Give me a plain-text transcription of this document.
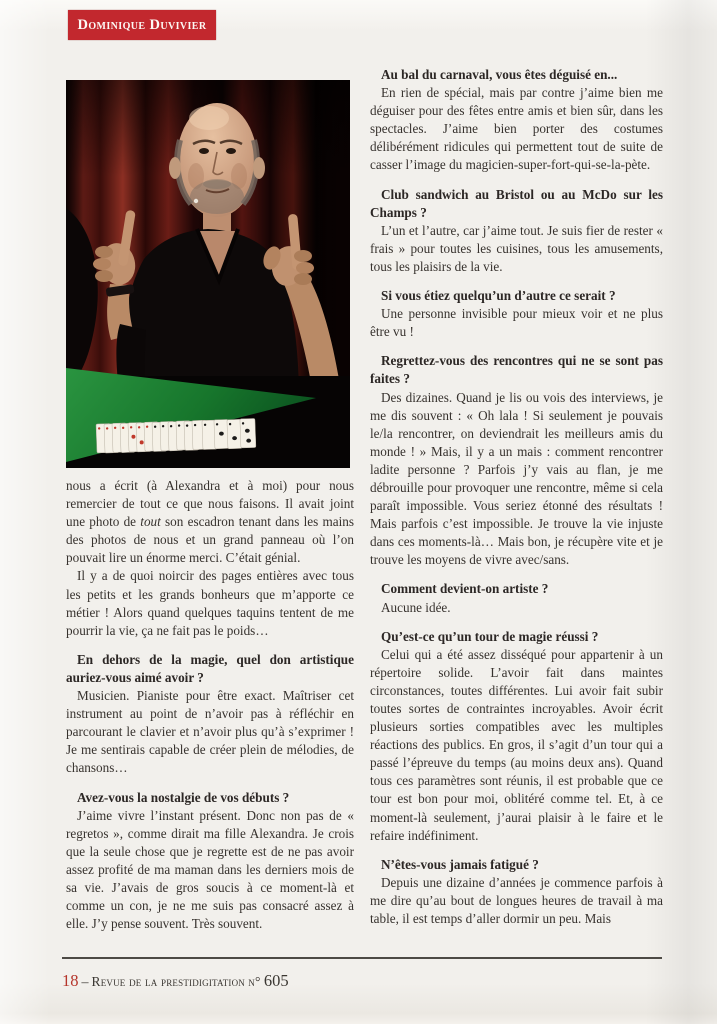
Dominique Duvivier

nous a écrit (à Alexandra et à moi) pour nous remercier de tout ce que nous faisons. Il avait joint une photo de tout son escadron tenant dans les mains des photos de nous et un grand panneau où l’on pouvait lire un énorme merci. C’était génial.

Il y a de quoi noircir des pages entières avec tous les petits et les grands bonheurs que m’apporte ce métier ! Alors quand quelques taquins tentent de me pourrir la vie, ça ne fait pas le poids…

En dehors de la magie, quel don artistique auriez-vous aimé avoir ?

Musicien. Pianiste pour être exact. Maîtriser cet instrument au point de n’avoir pas à réfléchir en parcourant le clavier et n’avoir plus qu’à s’exprimer ! Je me sentirais capable de créer plein de mélodies, de chansons…

Avez-vous la nostalgie de vos débuts ?

J’aime vivre l’instant présent. Donc non pas de « regretos », comme dirait ma fille Alexandra. Je crois que la seule chose que je regrette est de ne pas avoir assez profité de ma maman dans les derniers mois de sa vie. J’avais de gros soucis à ce moment-là et comme un con, je ne me suis pas consacré assez à elle. J’y pense souvent. Très souvent.

Au bal du carnaval, vous êtes déguisé en...

En rien de spécial, mais par contre j’aime bien me déguiser pour des fêtes entre amis et bien sûr, dans les spectacles. J’aime bien porter des costumes délibérément ridicules qui permettent tout de suite de casser l’image du magicien-super-fort-qui-se-la-pète.

Club sandwich au Bristol ou au McDo sur les Champs ?

L’un et l’autre, car j’aime tout. Je suis fier de rester « frais » pour toutes les cuisines, tous les amusements, tous les plaisirs de la vie.

Si vous étiez quelqu’un d’autre ce serait ?

Une personne invisible pour mieux voir et ne plus être vu !

Regrettez-vous des rencontres qui ne se sont pas faites ?

Des dizaines. Quand je lis ou vois des interviews, je me dis souvent : « Oh lala ! Si seulement je pouvais le/la rencontrer, on deviendrait les meilleurs amis du monde ! » Mais, il y a un mais : comment rencontrer ladite personne ? Parfois j’y vais au flan, je me débrouille pour provoquer une rencontre, même si cela paraît impossible. Vous seriez étonné des résultats ! Mais parfois c’est impossible. Je trouve la vie injuste dans ces moments-là… Mais bon, je récupère vite et je trouve les moyens de vivre avec/sans.

Comment devient-on artiste ?

Aucune idée.

Qu’est-ce qu’un tour de magie réussi ?

Celui qui a été assez disséqué pour appartenir à un répertoire solide. L’avoir fait dans maintes circonstances, toutes différentes. Lui avoir fait subir toutes sortes de contraintes incroyables. Avoir écrit plusieurs sorties compatibles avec les multiples réactions des publics. En gros, il s’agit d’un tour qui a passé l’épreuve du temps (au moins deux ans). Quand tous ces paramètres sont réunis, il est probable que ce tour est bon pour moi, oblitéré comme tel. Et, à ce moment-là seulement, j’aurai plaisir à le faire et le refaire indéfiniment.

N’êtes-vous jamais fatigué ?

Depuis une dizaine d’années je commence parfois à me dire qu’au bout de longues heures de travail à ma table, il est temps d’aller dormir un peu. Mais

18 – Revue de la prestidigitation n° 605
